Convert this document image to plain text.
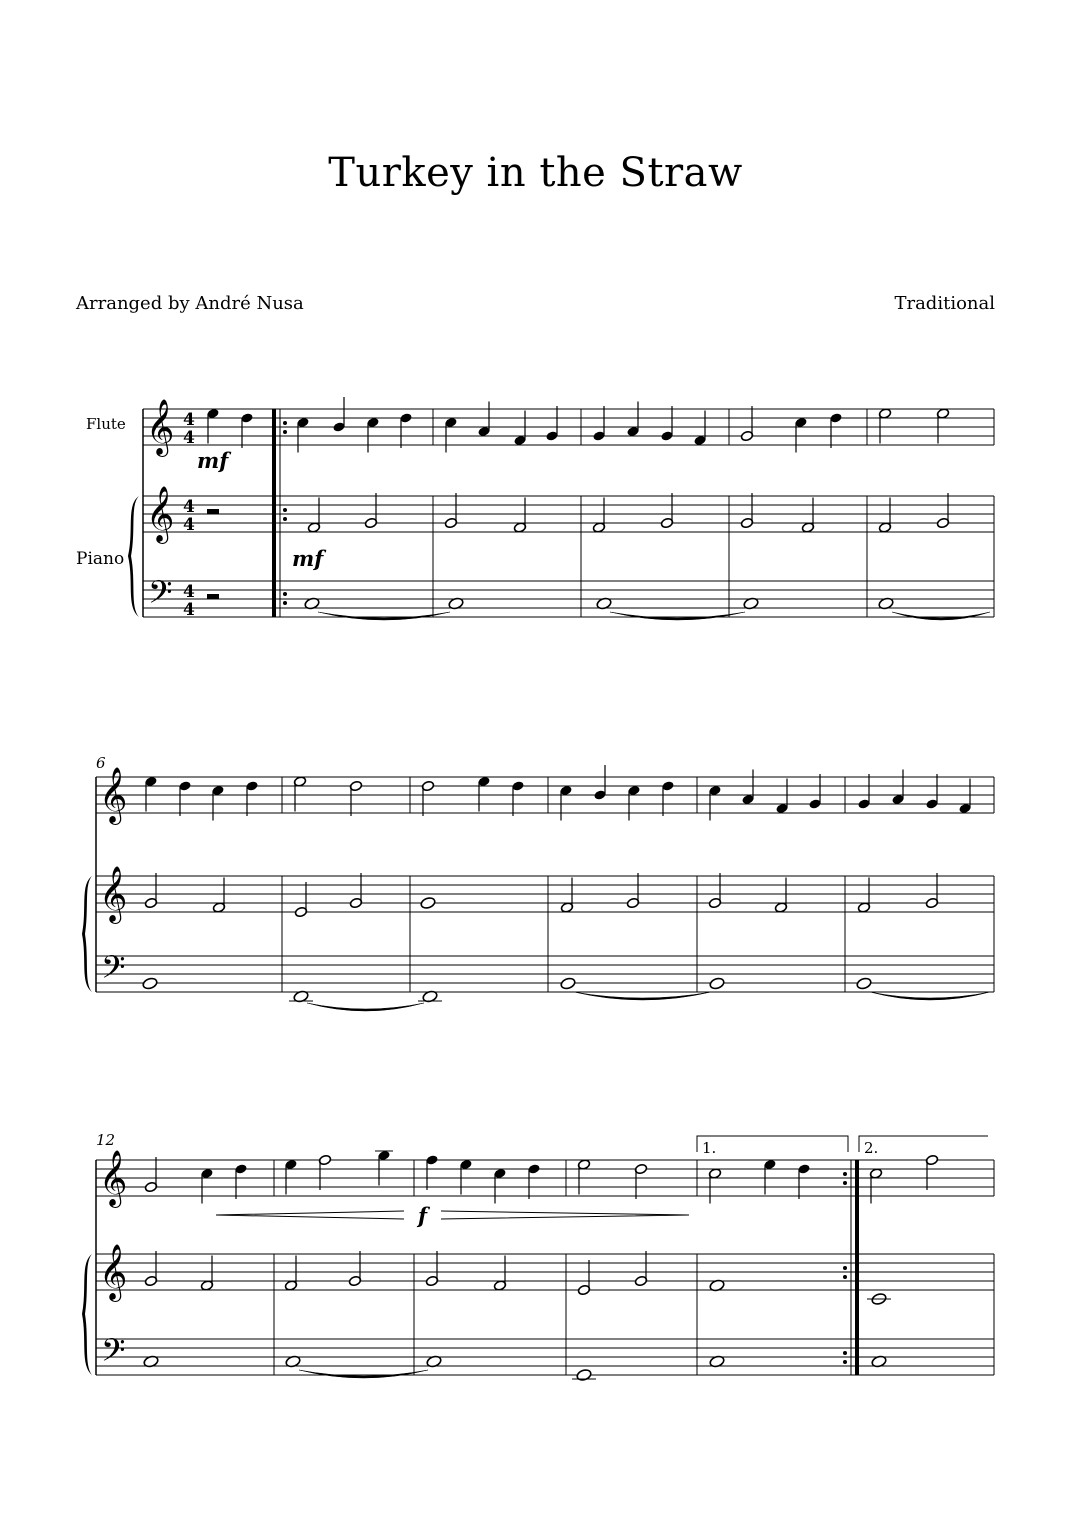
Turkey in the Straw
Arranged by André Nusa	Traditional
Flute
Piano
𝄞
𝄞
𝄢
4
4
4
4
4
4
mf
mf
6
𝄞
𝄞
𝄢
12
𝄞
𝄞
𝄢
1.	2.
f
